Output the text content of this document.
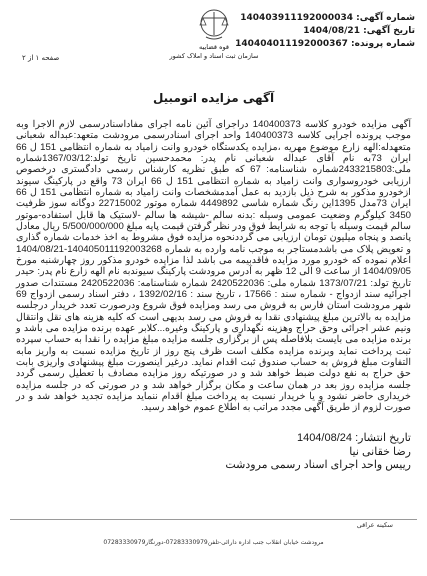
شماره آگهی: 140403911192000034
تاریخ آگهی: 1404/08/21
شماره پرونده: 140404011192000367
قوه قضاییه
سازمان ثبت اسناد و املاک کشور
صفحه ۱ از ۲
آگهی مزایده اتومبیل

آگهی مزایده خودرو کلاسه 140400373 دراجرای آئین نامه اجرای مفاداسنادرسمی لازم الاجرا وبه موجب پرونده اجرایی کلاسه 140400373 واحد اجرای اسنادرسمی مرودشت متعهد:عبداله شعبانی متعهدله:الهه زارع موضوع مهریه ،مزایده یکدستگاه خودرو وانت زامیاد به شماره انتظامی 151 ل 66 ایران 73به نام آقای عبداله شعبانی نام پدر: محمدحسین تاریخ تولد:1367/03/12شماره ملی:2433215803شماره شناسنامه: 67 که طبق نظریه کارشناس رسمی دادگستری درخصوص ارزیابی خودروسواری وانت زامیاد به شماره انتظامی 151 ل 66 ایران 73 واقع در پارکینگ سیوند ازخودرو مذکور به شرح ذیل بازدید به عمل آمدمشخصات وانت زامیاد به شماره انتظامی 151 ل 66 ایران 73مدل 1395این رنگ شماره شاسی 4449892 شماره موتور 22715002 دوگانه سوز ظرفیت 3450 کیلوگرم وضعیت عمومی وسیله :بدنه سالم -شیشه ها سالم -لاستیک ها قابل استفاده-موتور سالم قیمت وسیله با توجه به شرایط فوق ودر نظر گرفتن قیمت پایه مبلغ 5/500/000/000 ریال معادل پانصد و پنجاه میلیون تومان ارزیابی می گرددنحوه مزایده فوق مشروط به اخذ خدمات شماره گذاری و تعویض پلاک می باشدمستاجر به موجب نامه وارده به شماره 140405011192003268-1404/08/21 اعلام نموده که خودرو مورد مزایده فاقدبیمه می باشد لذا مزایده خودرو مذکور روز چهارشنبه مورخ 1404/09/05 از ساعت 9 الی 12 ظهر به آدرس مرودشت پارکینگ سیوندبه نام الهه زارع نام پدر: حیدر تاریخ تولد: 1373/07/21 شماره ملی: 2420522036 شماره شناسنامه: 2420522036 مستندات صدور اجرائیه سند ازدواج - شماره سند : 17566 ، تاریخ سند : 1392/02/16 ، دفتر اسناد رسمی ازدواج 69 شهر مرودشت استان فارس به فروش می رسد ومزایده فوق شروع ودرصورت تعدد خریدار درجلسه مزایده به بالاترین مبلغ پیشنهادی نقدا به فروش می رسد بدیهی است که کلیه هزینه های نقل وانتقال ونیم عشر اجرائی وحق حراج وهزینه نگهداری و پارکینگ وغیره...کلابر عهده برنده مزایده می باشد و برنده مزایده می بایست بلافاصله پس از برگزاری جلسه مزایده مبلغ مزایده را نقدا به حساب سپرده ثبت پرداخت نماید وبرنده مزایده مکلف است ظرف پنج روز از تاریخ مزایده نسبت به واریز مابه التفاوت مبلغ فروش به حساب صندوق ثبت اقدام نماید. درغیر اینصورت مبلغ پیشنهادی واریزی بابت حق حراج به نفع دولت ضبط خواهد شد و در صورتیکه روز مزایده مصادف با تعطیل رسمی گردد جلسه مزایده روز بعد در همان ساعت و مکان برگزار خواهد شد و در صورتی که در جلسه مزایده خریداری حاضر نشود و یا خریدار نسبت به پرداخت مبلغ اقدام ننماید مزایده تجدید خواهد شد و در صورت لزوم از طریق آگهی مجدد مراتب به اطلاع عموم خواهد رسید.

تاریخ انتشار: 1404/08/24
رضا خقانی نیا
رییس واحد اجرای اسناد رسمی مرودشت
سکینه عراقی
مرودشت خیابان انقلاب جنب اداره دارائی-تلفن07283330979-دورنگار07283330979
